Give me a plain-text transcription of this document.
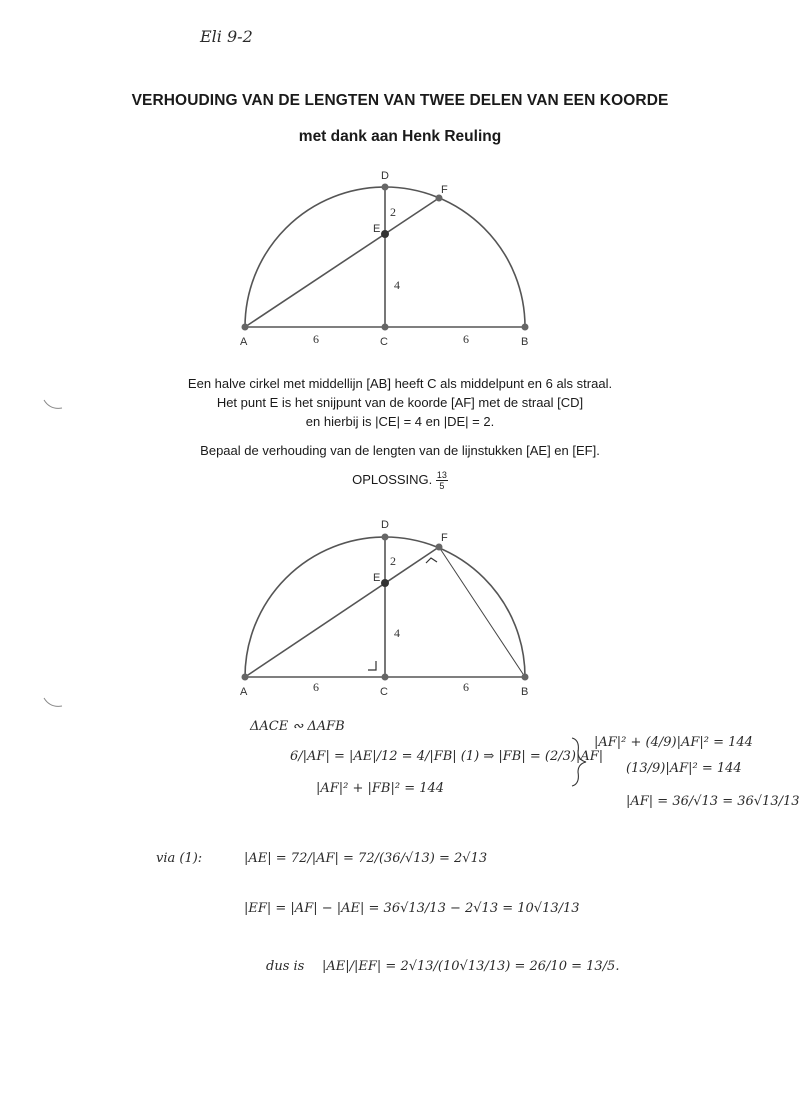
Eli 9-2
VERHOUDING VAN DE LENGTEN VAN TWEE DELEN VAN EEN KOORDE
met dank aan Henk Reuling
A	B
C
D
E
F
6	6
4
2
Een halve cirkel met middellijn [AB] heeft C als middelpunt en 6 als straal.
Het punt E is het snijpunt van de koorde [AF] met de straal [CD]
en hierbij is |CE| = 4 en |DE| = 2.
Bepaal de verhouding van de lengten van de lijnstukken [AE] en [EF].
OPLOSSING. $\frac{13}{5}$
A	B
C
D
E
F
6	6
4
2
ΔACE ∾ ΔAFB
6/|AF| = |AE|/12 = 4/|FB| (1) ⇒ |FB| = (2/3)|AF|
|AF|² + (4/9)|AF|² = 144
(13/9)|AF|² = 144
|AF| = 36/√13 = 36√13/13
|AF|² + |FB|² = 144
via (1):	|AE| = 72/|AF| = 72/(36/√13) = 2√13
|EF| = |AF| − |AE| = 36√13/13 − 2√13 = 10√13/13
dus is |AE|/|EF| = 2√13/(10√13/13) = 26/10 = 13/5.
